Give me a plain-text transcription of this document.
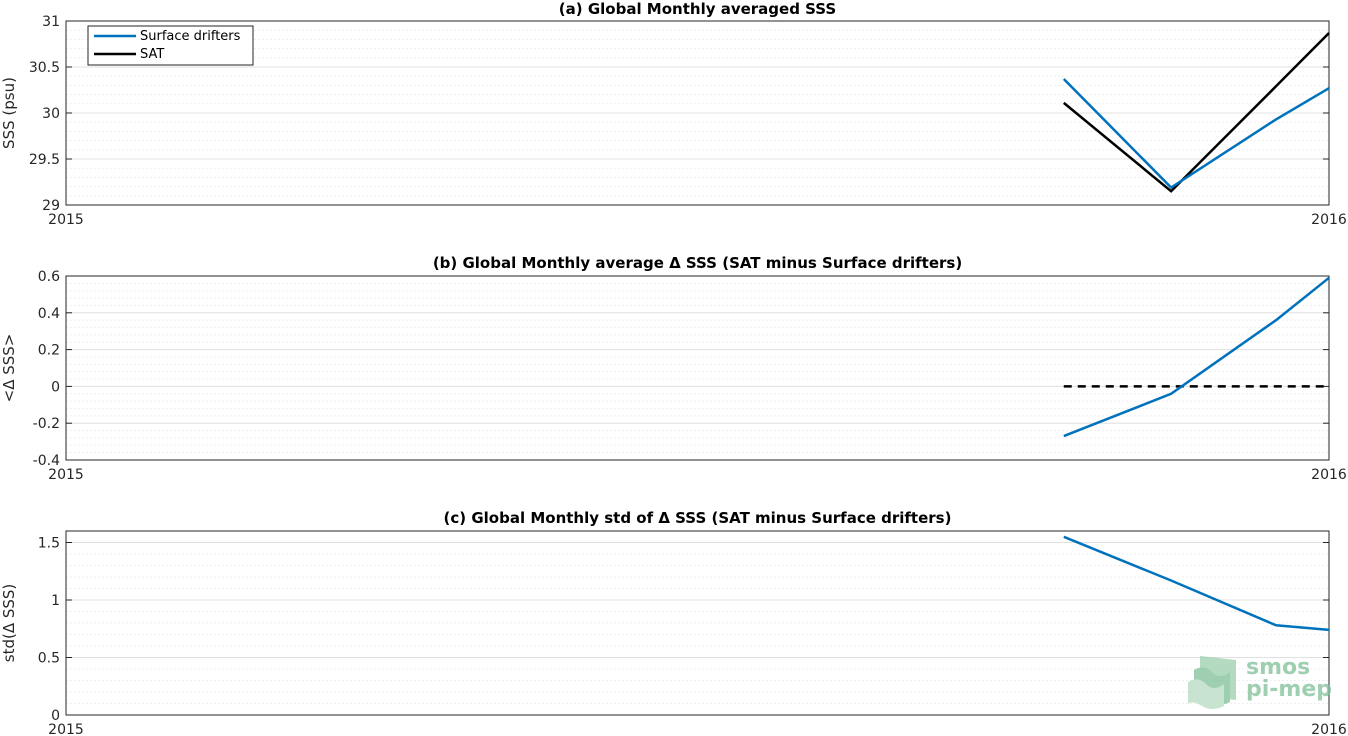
29
29.5
30
30.5
31
2015	2016
(a) Global Monthly averaged SSS
SSS (psu)
Surface drifters
SAT
-0.4
-0.2
0
0.2
0.4
0.6
2015	2016
(b) Global Monthly average Δ SSS (SAT minus Surface drifters)
<Δ SSS>
0
0.5
1
1.5
2015	2016
(c) Global Monthly std of Δ SSS (SAT minus Surface drifters)
std(Δ SSS)
smos
pi-mep
